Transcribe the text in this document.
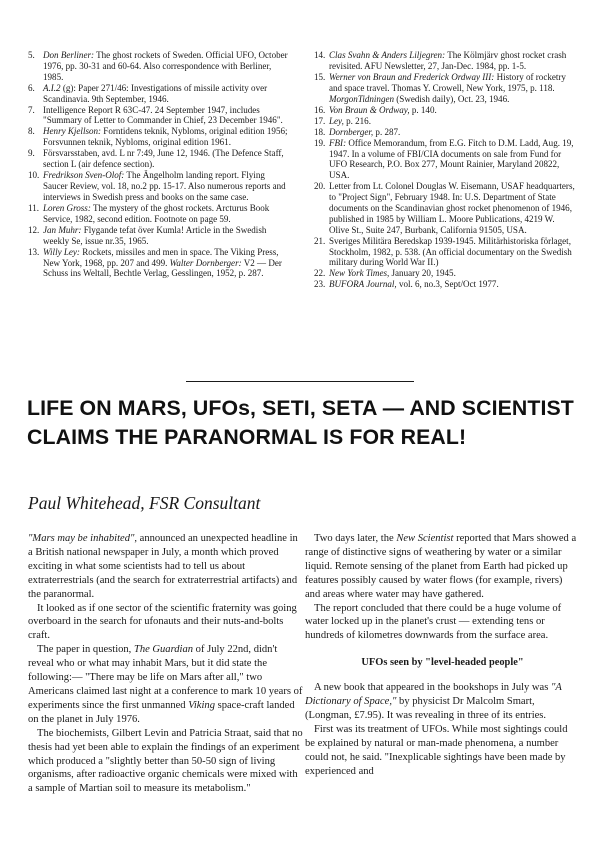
5. Don Berliner: The ghost rockets of Sweden. Official UFO, October 1976, pp. 30-31 and 60-64. Also correspondence with Berliner, 1985.
6. A.I.2 (g): Paper 271/46: Investigations of missile activity over Scandinavia. 9th September, 1946.
7. Intelligence Report R 63C-47. 24 September 1947, includes "Summary of Letter to Commander in Chief, 23 December 1946".
8. Henry Kjellson: Forntidens teknik, Nybloms, original edition 1956; Forsvunnen teknik, Nybloms, original edition 1961.
9. Försvarsstaben, avd. L nr 7:49, June 12, 1946. (The Defence Staff, section L (air defence section).
10. Fredrikson Sven-Olof: The Ängelholm landing report. Flying Saucer Review, vol. 18, no.2 pp. 15-17. Also numerous reports and interviews in Swedish press and books on the same case.
11. Loren Gross: The mystery of the ghost rockets. Arcturus Book Service, 1982, second edition. Footnote on page 59.
12. Jan Muhr: Flygande tefat över Kumla! Article in the Swedish weekly Se, issue nr.35, 1965.
13. Willy Ley: Rockets, missiles and men in space. The Viking Press, New York, 1968, pp. 207 and 499. Walter Dornberger: V2 — Der Schuss ins Weltall, Bechtle Verlag, Gesslingen, 1952, p. 287.
14. Clas Svahn & Anders Liljegren: The Kölmjärv ghost rocket crash revisited. AFU Newsletter, 27, Jan-Dec. 1984, pp. 1-5.
15. Werner von Braun and Frederick Ordway III: History of rocketry and space travel. Thomas Y. Crowell, New York, 1975, p. 118. MorgonTidningen (Swedish daily), Oct. 23, 1946.
16. Von Braun & Ordway, p. 140.
17. Ley, p. 216.
18. Dornberger, p. 287.
19. FBI: Office Memorandum, from E.G. Fitch to D.M. Ladd, Aug. 19, 1947. In a volume of FBI/CIA documents on sale from Fund for UFO Research, P.O. Box 277, Mount Rainier, Maryland 20822, USA.
20. Letter from Lt. Colonel Douglas W. Eisemann, USAF headquarters, to "Project Sign", February 1948. In: U.S. Department of State documents on the Scandinavian ghost rocket phenomenon of 1946, published in 1985 by William L. Moore Publications, 4219 W. Olive St., Suite 247, Burbank, California 91505, USA.
21. Sveriges Militära Beredskap 1939-1945. Militärhistoriska förlaget, Stockholm, 1982, p. 538. (An official documentary on the Swedish military during World War II.)
22. New York Times, January 20, 1945.
23. BUFORA Journal, vol. 6, no.3, Sept/Oct 1977.
LIFE ON MARS, UFOs, SETI, SETA — AND SCIENTIST CLAIMS THE PARANORMAL IS FOR REAL!

Paul Whitehead, FSR Consultant

"Mars may be inhabited", announced an unexpected headline in a British national newspaper in July, a month which proved exciting in what some scientists had to tell us about extraterrestrials (and the search for extraterrestrial artifacts) and the paranormal.

It looked as if one sector of the scientific fraternity was going overboard in the search for ufonauts and their nuts-and-bolts craft.

The paper in question, The Guardian of July 22nd, didn't reveal who or what may inhabit Mars, but it did state the following:— "There may be life on Mars after all," two Americans claimed last night at a conference to mark 10 years of experiments since the first unmanned Viking space-craft landed on the planet in July 1976.

The biochemists, Gilbert Levin and Patricia Straat, said that no thesis had yet been able to explain the findings of an experiment which produced a "slightly better than 50-50 sign of living organisms, after radioactive organic chemicals were mixed with a sample of Martian soil to measure its metabolism."

Two days later, the New Scientist reported that Mars showed a range of distinctive signs of weathering by water or a similar liquid. Remote sensing of the planet from Earth had picked up features possibly caused by water flows (for example, rivers) and areas where water may have gathered.

The report concluded that there could be a huge volume of water locked up in the planet's crust — extending tens or hundreds of kilometres downwards from the surface area.

UFOs seen by "level-headed people"

A new book that appeared in the bookshops in July was "A Dictionary of Space," by physicist Dr Malcolm Smart, (Longman, £7.95). It was revealing in three of its entries.

First was its treatment of UFOs. While most sightings could be explained by natural or man-made phenomena, a number could not, he said. "Inexplicable sightings have been made by experienced and
